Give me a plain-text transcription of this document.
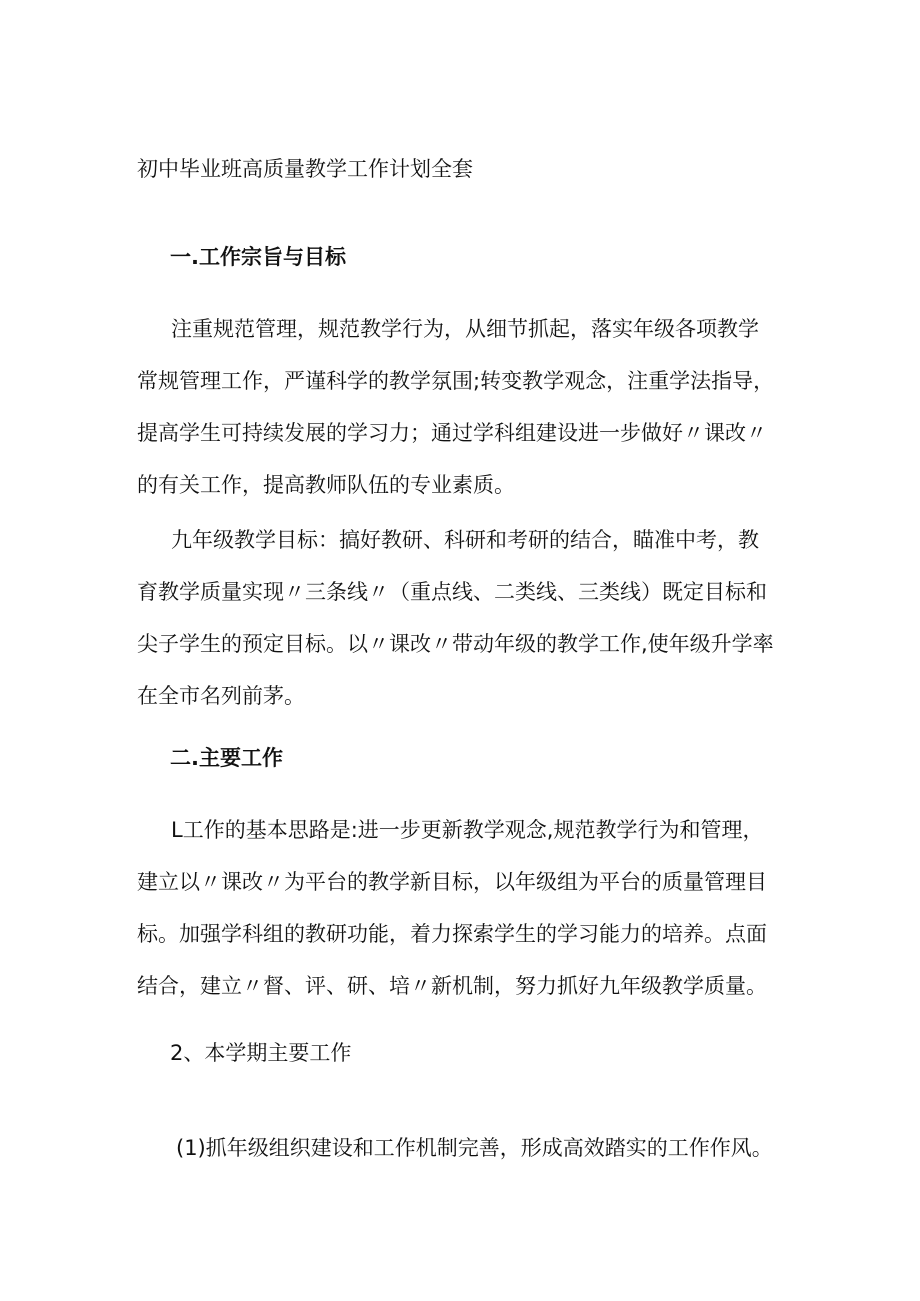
初中毕业班高质量教学工作计划全套
一.工作宗旨与目标
注重规范管理，规范教学行为，从细节抓起，落实年级各项教学
常规管理工作，严谨科学的教学氛围;转变教学观念，注重学法指导，
提高学生可持续发展的学习力；通过学科组建设进一步做好〃课改〃
的有关工作，提高教师队伍的专业素质。
九年级教学目标：搞好教研、科研和考研的结合，瞄准中考，教
育教学质量实现〃三条线〃（重点线、二类线、三类线）既定目标和
尖子学生的预定目标。以〃课改〃带动年级的教学工作,使年级升学率
在全市名列前茅。
二.主要工作
L工作的基本思路是:进一步更新教学观念,规范教学行为和管理，
建立以〃课改〃为平台的教学新目标，以年级组为平台的质量管理目
标。加强学科组的教研功能，着力探索学生的学习能力的培养。点面
结合，建立〃督、评、研、培〃新机制，努力抓好九年级教学质量。
2、本学期主要工作
(1)抓年级组织建设和工作机制完善，形成高效踏实的工作作风。
